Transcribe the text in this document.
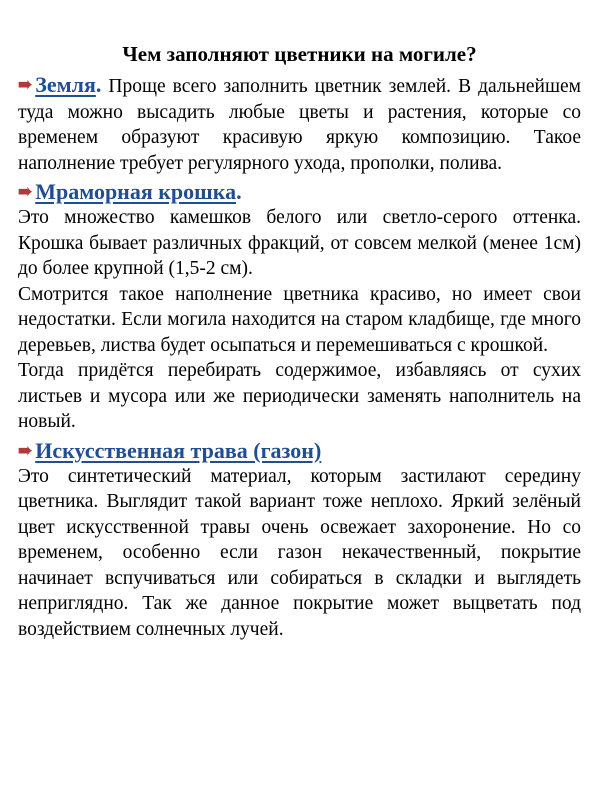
Чем заполняют цветники на могиле?

➠ Земля. Проще всего заполнить цветник землей. В дальнейшем туда можно высадить любые цветы и растения, которые со временем образуют красивую яркую композицию. Такое наполнение требует регулярного ухода, прополки, полива.

➠ Мраморная крошка.

Это множество камешков белого или светло-серого оттенка. Крошка бывает различных фракций, от совсем мелкой (менее 1см) до более крупной (1,5-2 см).

Смотрится такое наполнение цветника красиво, но имеет свои недостатки. Если могила находится на старом кладбище, где много деревьев, листва будет осыпаться и перемешиваться с крошкой.

Тогда придётся перебирать содержимое, избавляясь от сухих листьев и мусора или же периодически заменять наполнитель на новый.

➠ Искусственная трава (газон)

Это синтетический материал, которым застилают середину цветника. Выглядит такой вариант тоже неплохо. Яркий зелёный цвет искусственной травы очень освежает захоронение. Но со временем, особенно если газон некачественный, покрытие начинает вспучиваться или собираться в складки и выглядеть неприглядно. Так же данное покрытие может выцветать под воздействием солнечных лучей.
